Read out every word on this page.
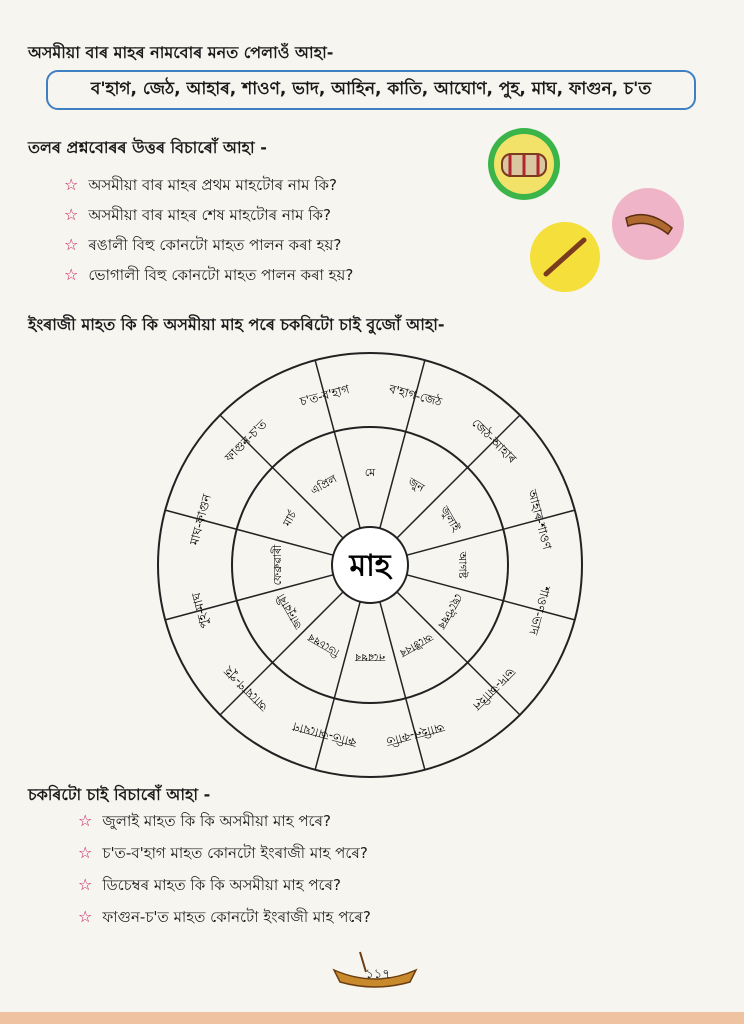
অসমীয়া বাৰ মাহৰ নামবোৰ মনত পেলাওঁ আহা-
ব'হাগ, জেঠ, আহাৰ, শাওণ, ভাদ, আহিন, কাতি, আঘোণ, পুহ, মাঘ, ফাগুন, চ'ত
তলৰ প্ৰশ্নবোৰৰ উত্তৰ বিচাৰোঁ আহা -
☆ অসমীয়া বাৰ মাহৰ প্ৰথম মাহটোৰ নাম কি?
☆ অসমীয়া বাৰ মাহৰ শেষ মাহটোৰ নাম কি?
☆ ৰঙালী বিহু কোনটো মাহত পালন কৰা হয়?
☆ ভোগালী বিহু কোনটো মাহত পালন কৰা হয়?
ইংৰাজী মাহত কি কি অসমীয়া মাহ পৰে চকৰিটো চাই বুজোঁ আহা-
ব'হাগ-জেঠ
জেঠ-আহাৰ
আহাৰ-শাওণ
শাওণ-ভাদ
ভাদ-আহিন
আহিন-কাতি
কাতি-আঘোণ
আঘোণ-পুহ
পুহ-মাঘ
মাঘ-ফাগুন
ফাগুন-চ'ত
চ'ত-ব'হাগ
মে
জুন
জুলাই
আগষ্ট
ছেপ্টেম্বৰ
অক্টোবৰ
নৱেম্বৰ
ডিচেম্বৰ
জানুৱাৰী
ফেব্ৰুৱাৰী
মাৰ্চ
এপ্ৰিল
মাহ
চকৰিটো চাই বিচাৰোঁ আহা -
☆ জুলাই মাহত কি কি অসমীয়া মাহ পৰে?
☆ চ'ত-ব'হাগ মাহত কোনটো ইংৰাজী মাহ পৰে?
☆ ডিচেম্বৰ মাহত কি কি অসমীয়া মাহ পৰে?
☆ ফাগুন-চ'ত মাহত কোনটো ইংৰাজী মাহ পৰে?
১১৭
